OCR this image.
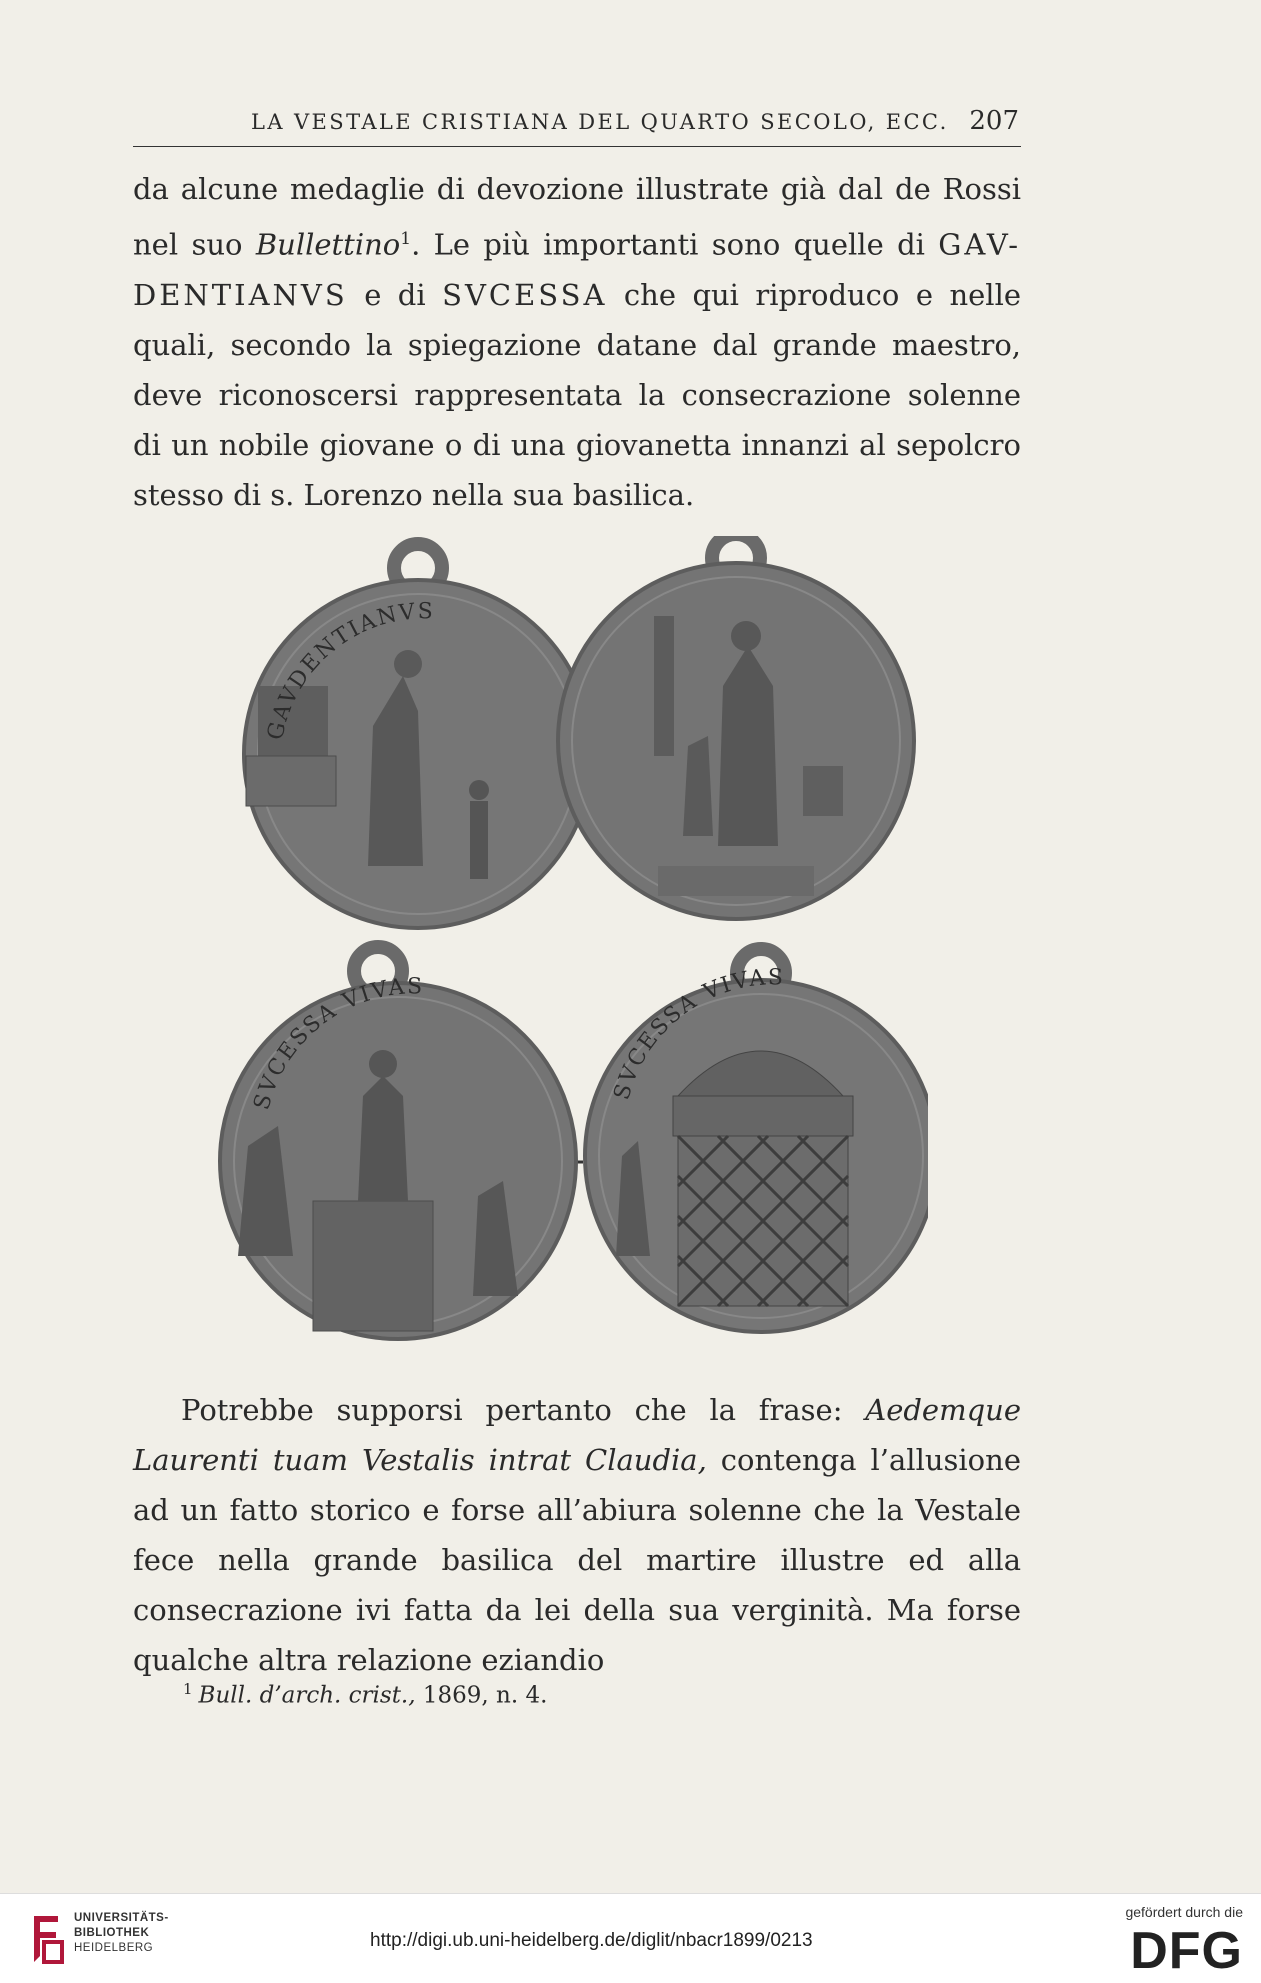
LA VESTALE CRISTIANA DEL QUARTO SECOLO, ECC. 207

da alcune medaglie di devozione illustrate già dal de Rossi nel suo Bullettino$^1$. Le più importanti sono quelle di GAV-DENTIANVS e di SVCESSA che qui riproduco e nelle quali, secondo la spiegazione datane dal grande maestro, deve riconoscersi rappresentata la consecrazione solenne di un nobile giovane o di una giovanetta innanzi al sepolcro stesso di s. Lorenzo nella sua basilica.

GAVDENTIANVS
SVCESSA VIVAS
SVCESSA VIVAS

Potrebbe supporsi pertanto che la frase: Aedemque Laurenti tuam Vestalis intrat Claudia, contenga l’allusione ad un fatto storico e forse all’abiura solenne che la Vestale fece nella grande basilica del martire illustre ed alla consecrazione ivi fatta da lei della sua verginità. Ma forse qualche altra relazione eziandio

$^1$ Bull. d’arch. crist., 1869, n. 4.
UNIVERSITÄTS-
BIBLIOTHEK
HEIDELBERG	http://digi.ub.uni-heidelberg.de/diglit/nbacr1899/0213
gefördert durch die
DFG
